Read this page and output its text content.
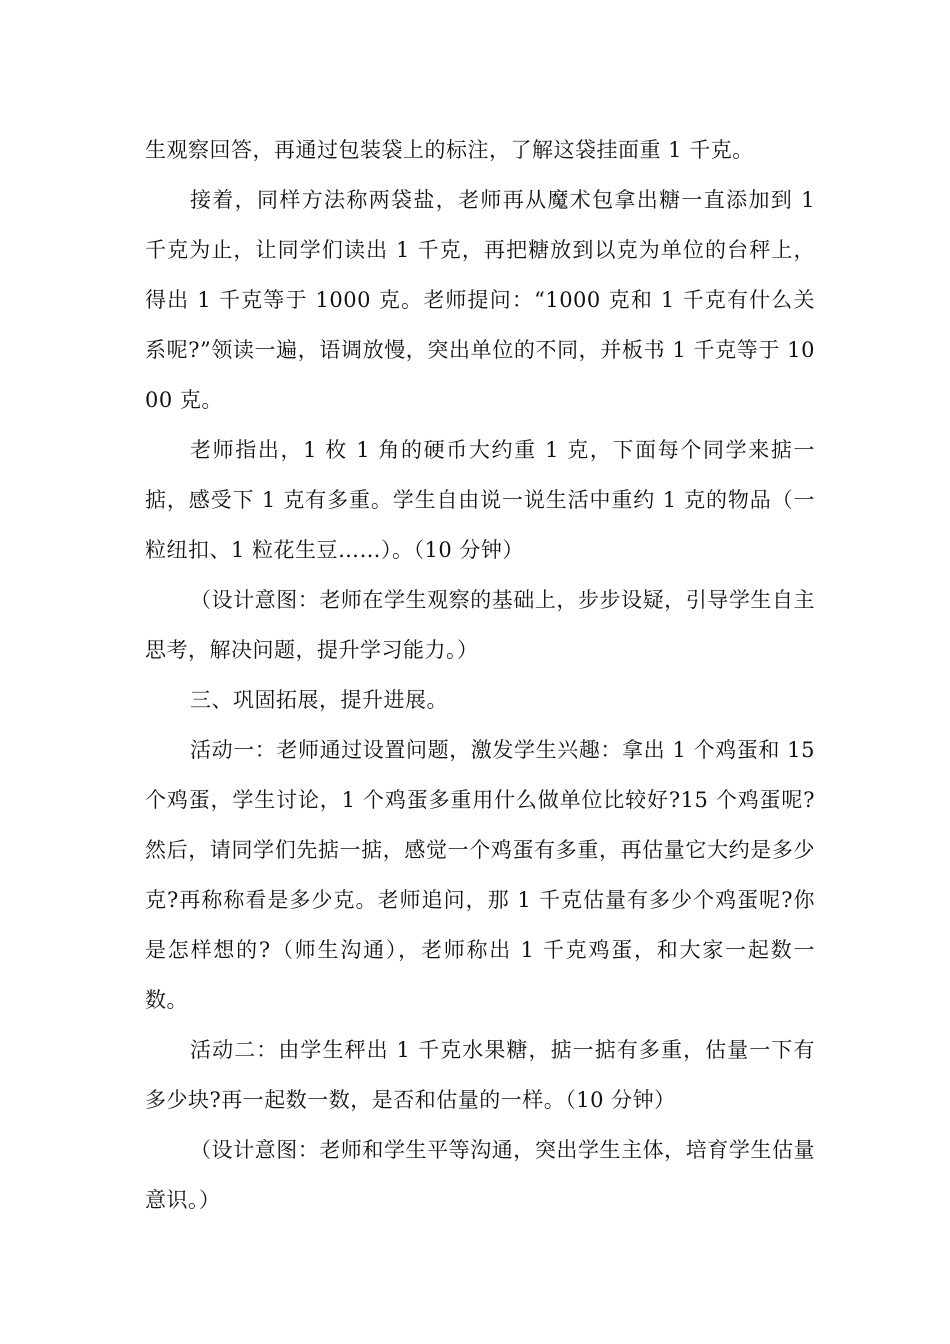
生观察回答，再通过包装袋上的标注，了解这袋挂面重 1 千克。

接着，同样方法称两袋盐，老师再从魔术包拿出糖一直添加到 1 千克为止，让同学们读出 1 千克，再把糖放到以克为单位的台秤上，得出 1 千克等于 1000 克。老师提问：“1000 克和 1 千克有什么关系呢?”领读一遍，语调放慢，突出单位的不同，并板书 1 千克等于 1000 克。

老师指出，1 枚 1 角的硬币大约重 1 克，下面每个同学来掂一掂，感受下 1 克有多重。学生自由说一说生活中重约 1 克的物品（一粒纽扣、1 粒花生豆……）。（10 分钟）

（设计意图：老师在学生观察的基础上，步步设疑，引导学生自主思考，解决问题，提升学习能力。）

三、巩固拓展，提升进展。

活动一：老师通过设置问题，激发学生兴趣：拿出 1 个鸡蛋和 15 个鸡蛋，学生讨论，1 个鸡蛋多重用什么做单位比较好?15 个鸡蛋呢? 然后，请同学们先掂一掂，感觉一个鸡蛋有多重，再估量它大约是多少克?再称称看是多少克。老师追问，那 1 千克估量有多少个鸡蛋呢?你是怎样想的?（师生沟通），老师称出 1 千克鸡蛋，和大家一起数一数。

活动二：由学生秤出 1 千克水果糖，掂一掂有多重，估量一下有多少块?再一起数一数，是否和估量的一样。（10 分钟）

（设计意图：老师和学生平等沟通，突出学生主体，培育学生估量意识。）
